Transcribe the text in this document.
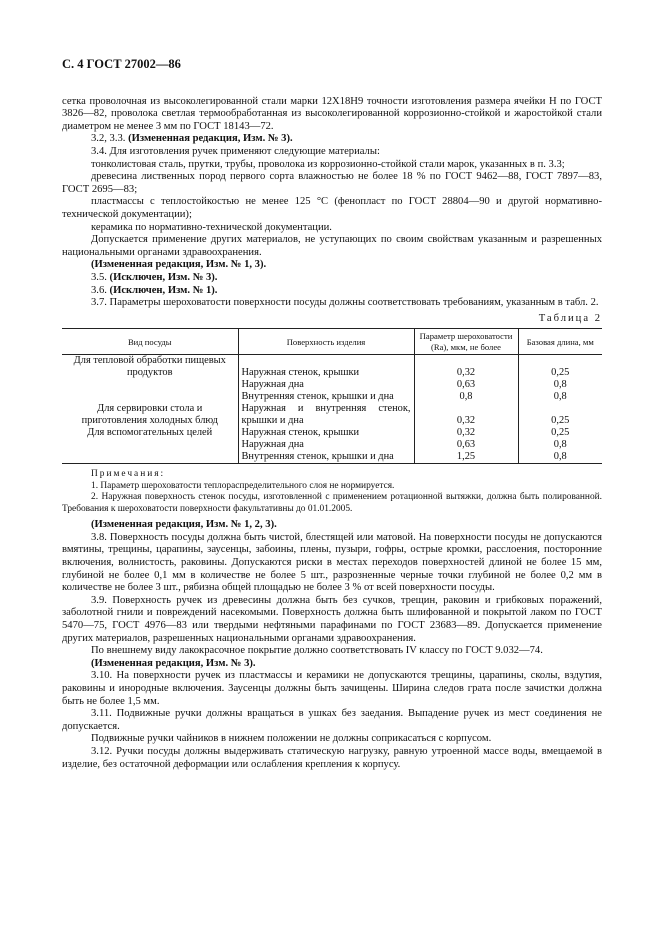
С. 4 ГОСТ 27002—86

сетка проволочная из высоколегированной стали марки 12Х18Н9 точности изготовления размера ячейки Н по ГОСТ 3826—82, проволока светлая термообработанная из высоколегированной коррозионно-стойкой и жаростойкой стали диаметром не менее 3 мм по ГОСТ 18143—72.

3.2, 3.3. (Измененная редакция, Изм. № 3).

3.4. Для изготовления ручек применяют следующие материалы:

тонколистовая сталь, прутки, трубы, проволока из коррозионно-стойкой стали марок, указанных в п. 3.3;

древесина лиственных пород первого сорта влажностью не более 18 % по ГОСТ 9462—88, ГОСТ 7897—83, ГОСТ 2695—83;

пластмассы с теплостойкостью не менее 125 °С (фенопласт по ГОСТ 28804—90 и другой нормативно-технической документации);

керамика по нормативно-технической документации.

Допускается применение других материалов, не уступающих по своим свойствам указанным и разрешенных национальными органами здравоохранения.

(Измененная редакция, Изм. № 1, 3).

3.5. (Исключен, Изм. № 3).

3.6. (Исключен, Изм. № 1).

3.7. Параметры шероховатости поверхности посуды должны соответствовать требованиям, указанным в табл. 2.

Таблица 2
Вид посуды	Поверхность изделия	Параметр шероховатости (Ra), мкм, не более	Базовая длина, мм
Для тепловой обработки пищевых продуктов	Наружная стенок, крышки	0,32	0,25
	Наружная дна	0,63	0,8
	Внутренняя стенок, крышки и дна	0,8	0,8
Для сервировки стола и приготовления холодных блюд	Наружная и внутренняя стенок, крышки и дна	0,32	0,25
Для вспомогательных целей	Наружная стенок, крышки	0,32	0,25
	Наружная дна	0,63	0,8
	Внутренняя стенок, крышки и дна	1,25	0,8

Примечания:

1. Параметр шероховатости теплораспределительного слоя не нормируется.

2. Наружная поверхность стенок посуды, изготовленной с применением ротационной вытяжки, должна быть полированной. Требования к шероховатости поверхности факультативны до 01.01.2005.

(Измененная редакция, Изм. № 1, 2, 3).

3.8. Поверхность посуды должна быть чистой, блестящей или матовой. На поверхности посуды не допускаются вмятины, трещины, царапины, заусенцы, забоины, плены, пузыри, гофры, острые кромки, расслоения, посторонние включения, волнистость, раковины. Допускаются риски в местах переходов поверхностей длиной не более 15 мм, глубиной не более 0,1 мм в количестве не более 5 шт., разрозненные черные точки глубиной не более 0,2 мм в количестве не более 3 шт., рябизна общей площадью не более 3 % от всей поверхности посуды.

3.9. Поверхность ручек из древесины должна быть без сучков, трещин, раковин и грибковых поражений, заболотной гнили и повреждений насекомыми. Поверхность должна быть шлифованной и покрытой лаком по ГОСТ 5470—75, ГОСТ 4976—83 или твердыми нефтяными парафинами по ГОСТ 23683—89. Допускается применение других материалов, разрешенных национальными органами здравоохранения.

По внешнему виду лакокрасочное покрытие должно соответствовать IV классу по ГОСТ 9.032—74.

(Измененная редакция, Изм. № 3).

3.10. На поверхности ручек из пластмассы и керамики не допускаются трещины, царапины, сколы, вздутия, раковины и инородные включения. Заусенцы должны быть зачищены. Ширина следов грата после зачистки должна быть не более 1,5 мм.

3.11. Подвижные ручки должны вращаться в ушках без заедания. Выпадение ручек из мест соединения не допускается.

Подвижные ручки чайников в нижнем положении не должны соприкасаться с корпусом.

3.12. Ручки посуды должны выдерживать статическую нагрузку, равную утроенной массе воды, вмещаемой в изделие, без остаточной деформации или ослабления крепления к корпусу.
